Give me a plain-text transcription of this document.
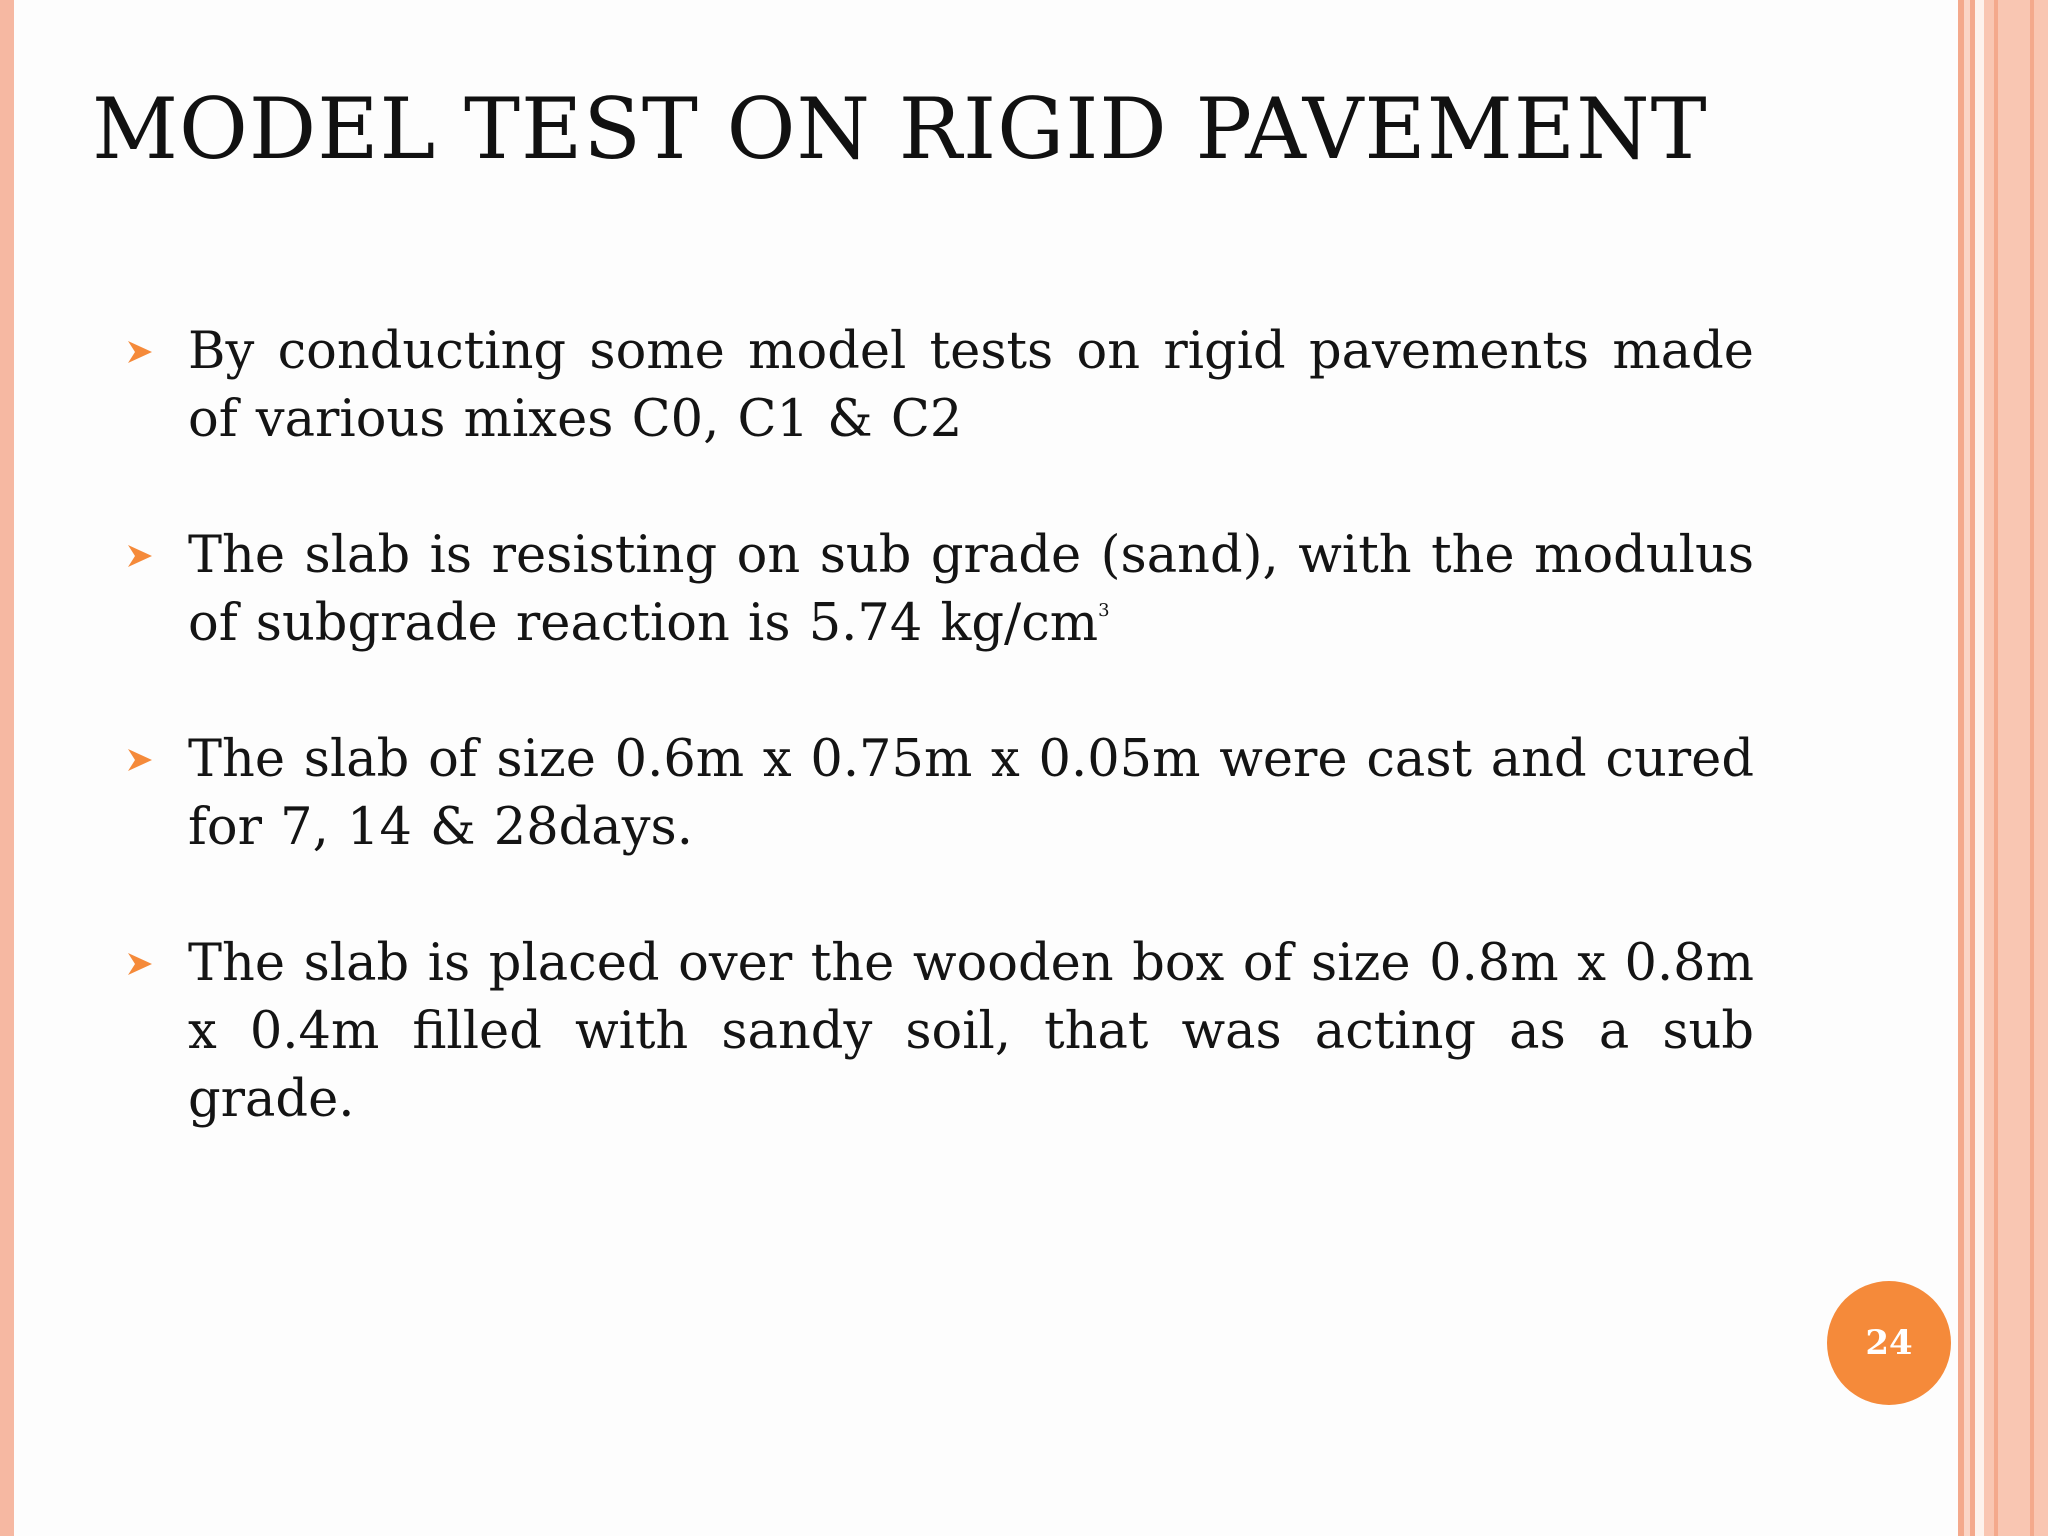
MODEL TEST ON RIGID PAVEMENT
By conducting some model tests on rigid pavements made of various mixes C0, C1 & C2
The slab is resisting on sub grade (sand), with the modulus of subgrade reaction is 5.74 $kg/cm^3$
The slab of size 0.6m x 0.75m x 0.05m were cast and cured for 7, 14 & 28days.
The slab is placed over the wooden box of size 0.8m x 0.8m x 0.4m filled with sandy soil, that was acting as a sub grade.
24
